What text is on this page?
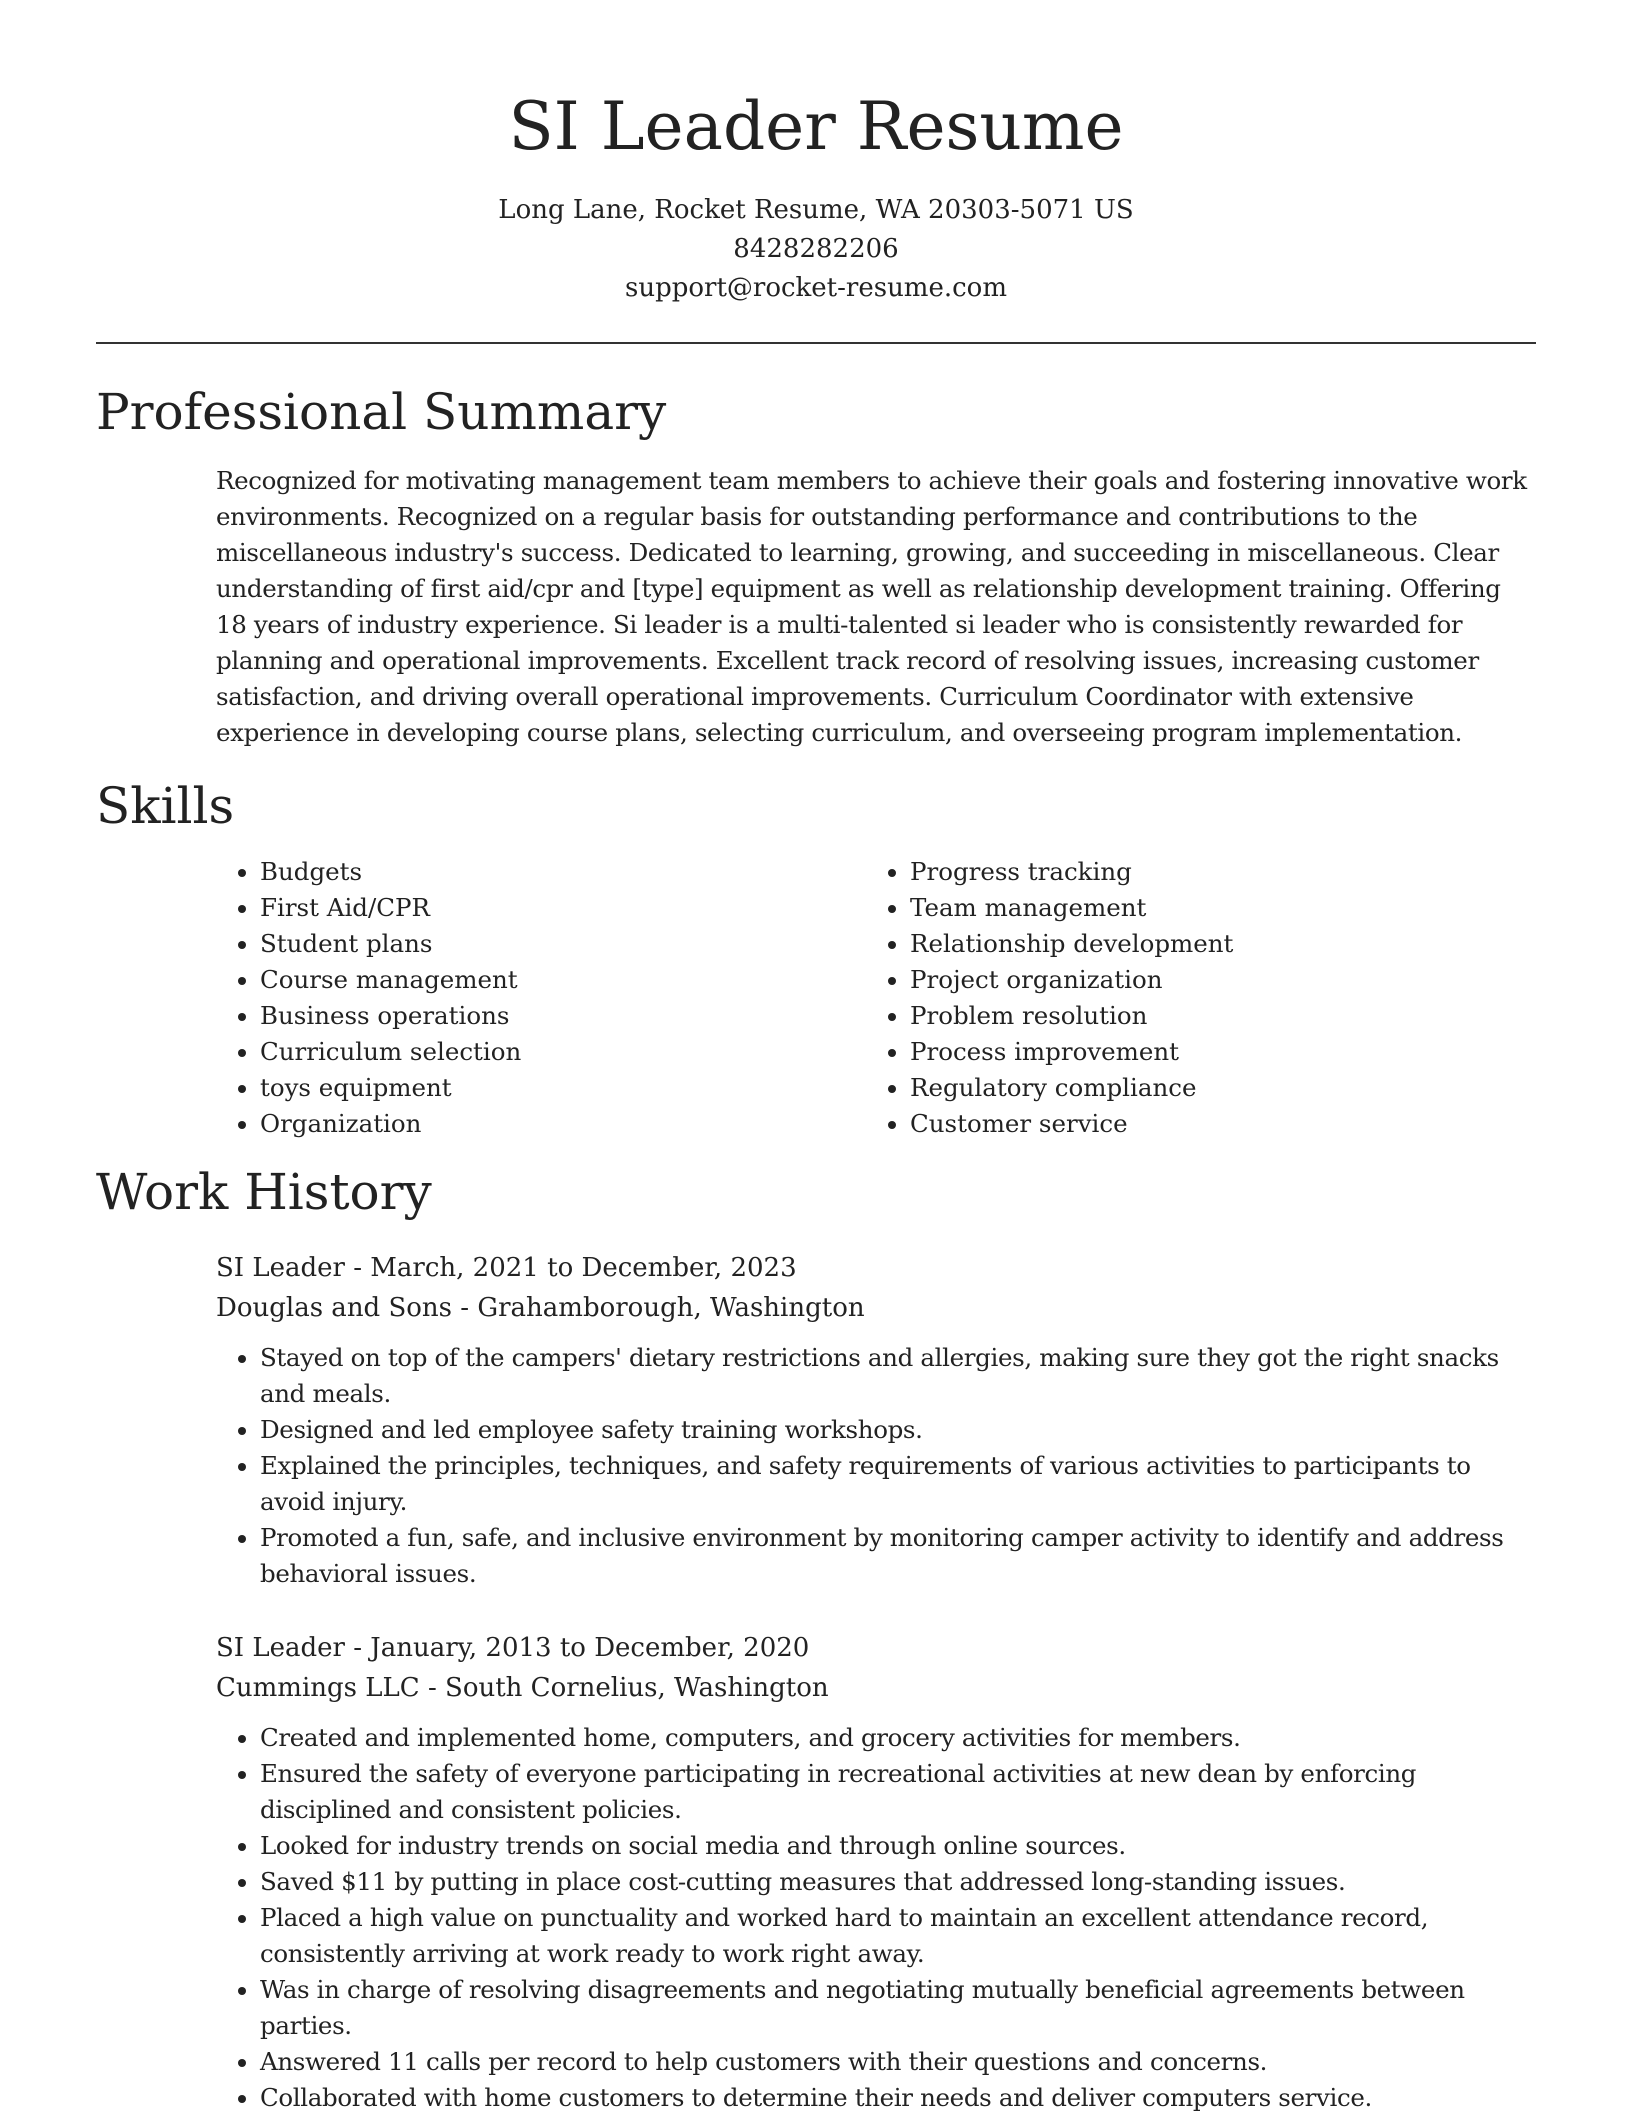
SI Leader Resume
Long Lane, Rocket Resume, WA 20303-5071 US
8428282206
support@rocket-resume.com
Professional Summary

Recognized for motivating management team members to achieve their goals and fostering innovative work environments. Recognized on a regular basis for outstanding performance and contributions to the miscellaneous industry's success. Dedicated to learning, growing, and succeeding in miscellaneous. Clear understanding of first aid/cpr and [type] equipment as well as relationship development training. Offering 18 years of industry experience. Si leader is a multi-talented si leader who is consistently rewarded for planning and operational improvements. Excellent track record of resolving issues, increasing customer satisfaction, and driving overall operational improvements. Curriculum Coordinator with extensive experience in developing course plans, selecting curriculum, and overseeing program implementation.

Skills
• Budgets
• First Aid/CPR
• Student plans
• Course management
• Business operations
• Curriculum selection
• toys equipment
• Organization
• Progress tracking
• Team management
• Relationship development
• Project organization
• Problem resolution
• Process improvement
• Regulatory compliance
• Customer service
Work History
SI Leader - March, 2021 to December, 2023
Douglas and Sons - Grahamborough, Washington
• Stayed on top of the campers' dietary restrictions and allergies, making sure they got the right snacks and meals.
• Designed and led employee safety training workshops.
• Explained the principles, techniques, and safety requirements of various activities to participants to avoid injury.
• Promoted a fun, safe, and inclusive environment by monitoring camper activity to identify and address behavioral issues.
SI Leader - January, 2013 to December, 2020
Cummings LLC - South Cornelius, Washington
• Created and implemented home, computers, and grocery activities for members.
• Ensured the safety of everyone participating in recreational activities at new dean by enforcing disciplined and consistent policies.
• Looked for industry trends on social media and through online sources.
• Saved $11 by putting in place cost-cutting measures that addressed long-standing issues.
• Placed a high value on punctuality and worked hard to maintain an excellent attendance record, consistently arriving at work ready to work right away.
• Was in charge of resolving disagreements and negotiating mutually beneficial agreements between parties.
• Answered 11 calls per record to help customers with their questions and concerns.
• Collaborated with home customers to determine their needs and deliver computers service.
